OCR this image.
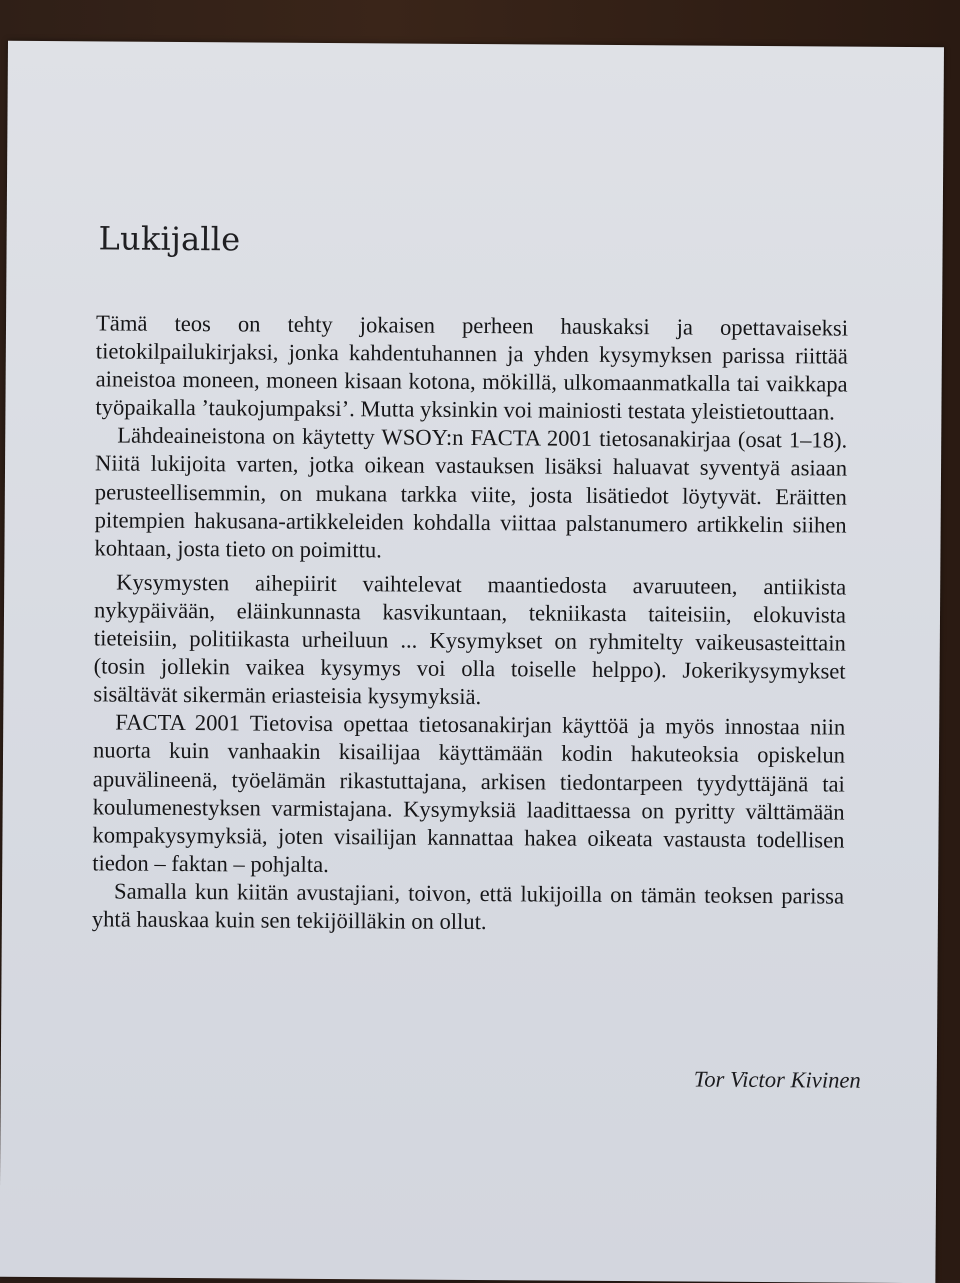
Lukijalle

Tämä teos on tehty jokaisen perheen hauskaksi ja opettavaiseksi tietokilpailukirjaksi, jonka kahdentuhannen ja yhden kysymyksen parissa riittää aineistoa moneen, moneen kisaan kotona, mökillä, ulkomaanmatkalla tai vaikkapa työpaikalla ’taukojumpaksi’. Mutta yksinkin voi mainiosti testata yleistietouttaan.

Lähdeaineistona on käytetty WSOY:n FACTA 2001 tietosanakirjaa (osat 1–18). Niitä lukijoita varten, jotka oikean vastauksen lisäksi haluavat syventyä asiaan perusteellisemmin, on mukana tarkka viite, josta lisätiedot löytyvät. Eräitten pitempien hakusana-artikkeleiden kohdalla viittaa palstanumero artikkelin siihen kohtaan, josta tieto on poimittu.

Kysymysten aihepiirit vaihtelevat maantiedosta avaruuteen, antiikista nykypäivään, eläinkunnasta kasvikuntaan, tekniikasta taiteisiin, elokuvista tieteisiin, politiikasta urheiluun ... Kysymykset on ryhmitelty vaikeusasteittain (tosin jollekin vaikea kysymys voi olla toiselle helppo). Jokerikysymykset sisältävät sikermän eriasteisia kysymyksiä.

FACTA 2001 Tietovisa opettaa tietosanakirjan käyttöä ja myös innostaa niin nuorta kuin vanhaakin kisailijaa käyttämään kodin hakuteoksia opiskelun apuvälineenä, työelämän rikastuttajana, arkisen tiedontarpeen tyydyttäjänä tai koulumenestyksen varmistajana. Kysymyksiä laadittaessa on pyritty välttämään kompakysymyksiä, joten visailijan kannattaa hakea oikeata vastausta todellisen tiedon – faktan – pohjalta.

Samalla kun kiitän avustajiani, toivon, että lukijoilla on tämän teoksen parissa yhtä hauskaa kuin sen tekijöilläkin on ollut.

Tor Victor Kivinen
